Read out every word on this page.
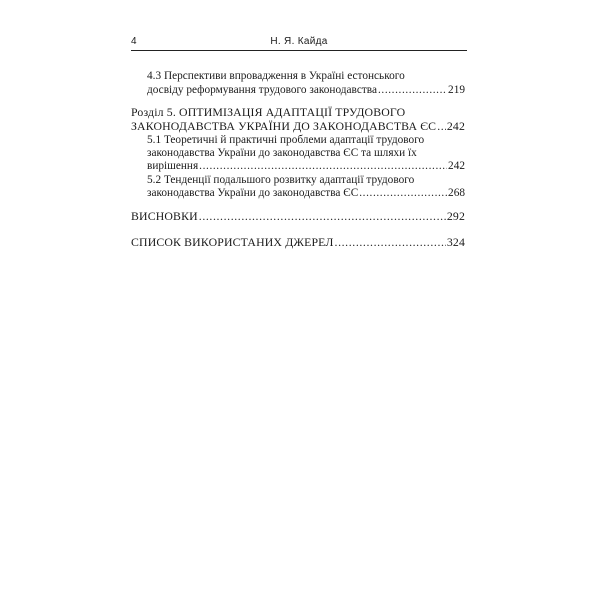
4	Н. Я. Кайда
4.3 Перспективи впровадження в Україні естонського
досвіду реформування трудового законодавства .....	219
Розділ 5. ОПТИМІЗАЦІЯ АДАПТАЦІЇ ТРУДОВОГО
ЗАКОНОДАВСТВА УКРАЇНИ ДО ЗАКОНОДАВСТВА ЄС ..... 242
5.1 Теоретичні й практичні проблеми адаптації трудового
законодавства України до законодавства ЄС та шляхи їх
вирішення .....	242
5.2 Тенденції подальшого розвитку адаптації трудового
законодавства України до законодавства ЄС .....	268
ВИСНОВКИ .....	292
СПИСОК ВИКОРИСТАНИХ ДЖЕРЕЛ .....	324
